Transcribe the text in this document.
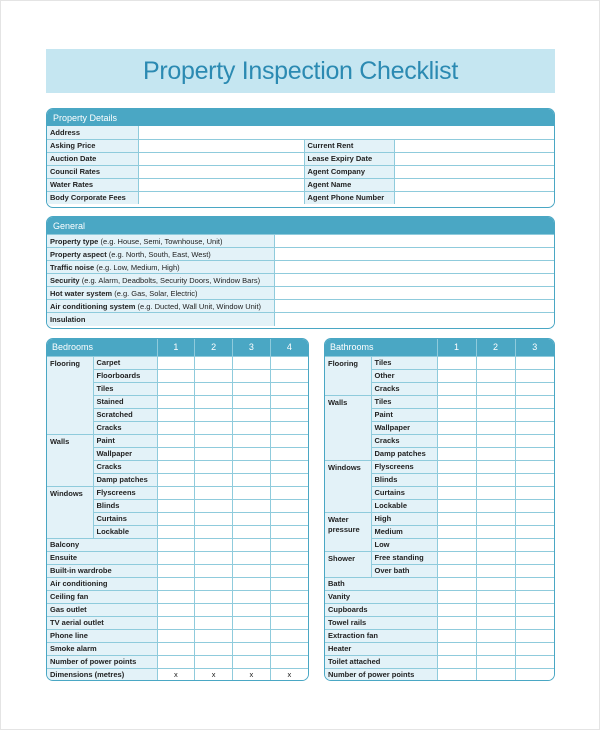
Property Inspection Checklist
Property Details
Address			
Asking Price		Current Rent	
Auction Date		Lease Expiry Date	
Council Rates		Agent Company	
Water Rates		Agent Name	
Body Corporate Fees		Agent Phone Number	
General
Property type (e.g. House, Semi, Townhouse, Unit)	
Property aspect (e.g. North, South, East, West)	
Traffic noise (e.g. Low, Medium, High)	
Security (e.g. Alarm, Deadbolts, Security Doors, Window Bars)	
Hot water system (e.g. Gas, Solar, Electric)	
Air conditioning system (e.g. Ducted, Wall Unit, Window Unit)	
Insulation	
Bedrooms		1	2	3	4
Flooring	Carpet				
	Floorboards				
	Tiles				
	Stained				
	Scratched				
	Cracks				
Walls	Paint				
	Wallpaper				
	Cracks				
	Damp patches				
Windows	Flyscreens				
	Blinds				
	Curtains				
	Lockable				
Balcony					
Ensuite					
Built-in wardrobe					
Air conditioning					
Ceiling fan					
Gas outlet					
TV aerial outlet					
Phone line					
Smoke alarm					
Number of power points					
Dimensions (metres)		x	x	x	x
Bathrooms		1	2	3
Flooring	Tiles			
	Other			
	Cracks			
Walls	Tiles			
	Paint			
	Wallpaper			
	Cracks			
	Damp patches			
Windows	Flyscreens			
	Blinds			
	Curtains			
	Lockable			
Water pressure	High			
	Medium			
	Low			
Shower	Free standing			
	Over bath			
Bath				
Vanity				
Cupboards				
Towel rails				
Extraction fan				
Heater				
Toilet attached				
Number of power points				
